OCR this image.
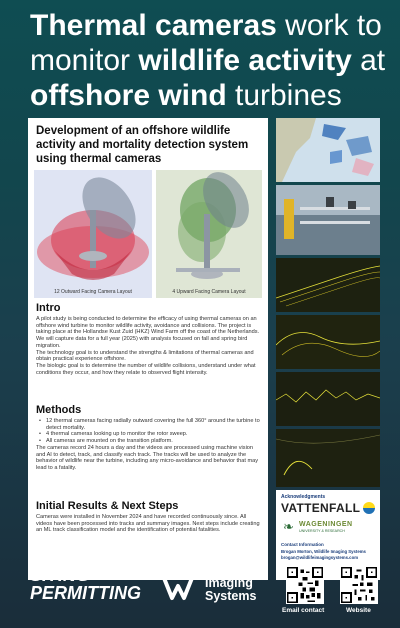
Thermal cameras work to
monitor wildlife activity at
offshore wind turbines
Development of an offshore wildlife activity and mortality detection system using thermal cameras
12 Outward Facing Camera Layout	4 Upward Facing Camera Layout
Intro
A pilot study is being conducted to determine the efficacy of using thermal cameras on an offshore wind turbine to monitor wildlife activity, avoidance and collisions. The project is taking place at the Hollandse Kust Zuid (HKZ) Wind Farm off the coast of the Netherlands. We will capture data for a full year (2025) with analysis focused on fall and spring bird migration.
The technology goal is to understand the strengths & limitations of thermal cameras and obtain practical experience offshore.
The biologic goal is to determine the number of wildlife collisions, understand under what conditions they occur, and how they relate to observed flight intensity.
Methods
• 12 thermal cameras facing radially outward covering the full 360° around the turbine to detect mortality.
• 4 thermal cameras looking up to monitor the rotor sweep.
• All cameras are mounted on the transition platform.
The cameras record 24 hours a day and the videos are processed using machine vision and AI to detect, track, and classify each track. The tracks will be used to analyze the behavior of wildlife near the turbine, including any micro-avoidance and behavior that may lead to a fatality.
Initial Results & Next Steps
Cameras were installed in November 2024 and have recorded continuously since. All videos have been processed into tracks and summary images. Next steps include creating an ML track classification model and the identification of potential fatalities.
Acknowledgments
VATTENFALL
❧ WAGENINGEN
UNIVERSITY & RESEARCH
Contact Information
Brogan Morton, Wildlife Imaging Systems
brogan@wildlifeimagingsystems.com
SITING
PERMITTING
Wildlife
Imaging
Systems
Email contact	Website
